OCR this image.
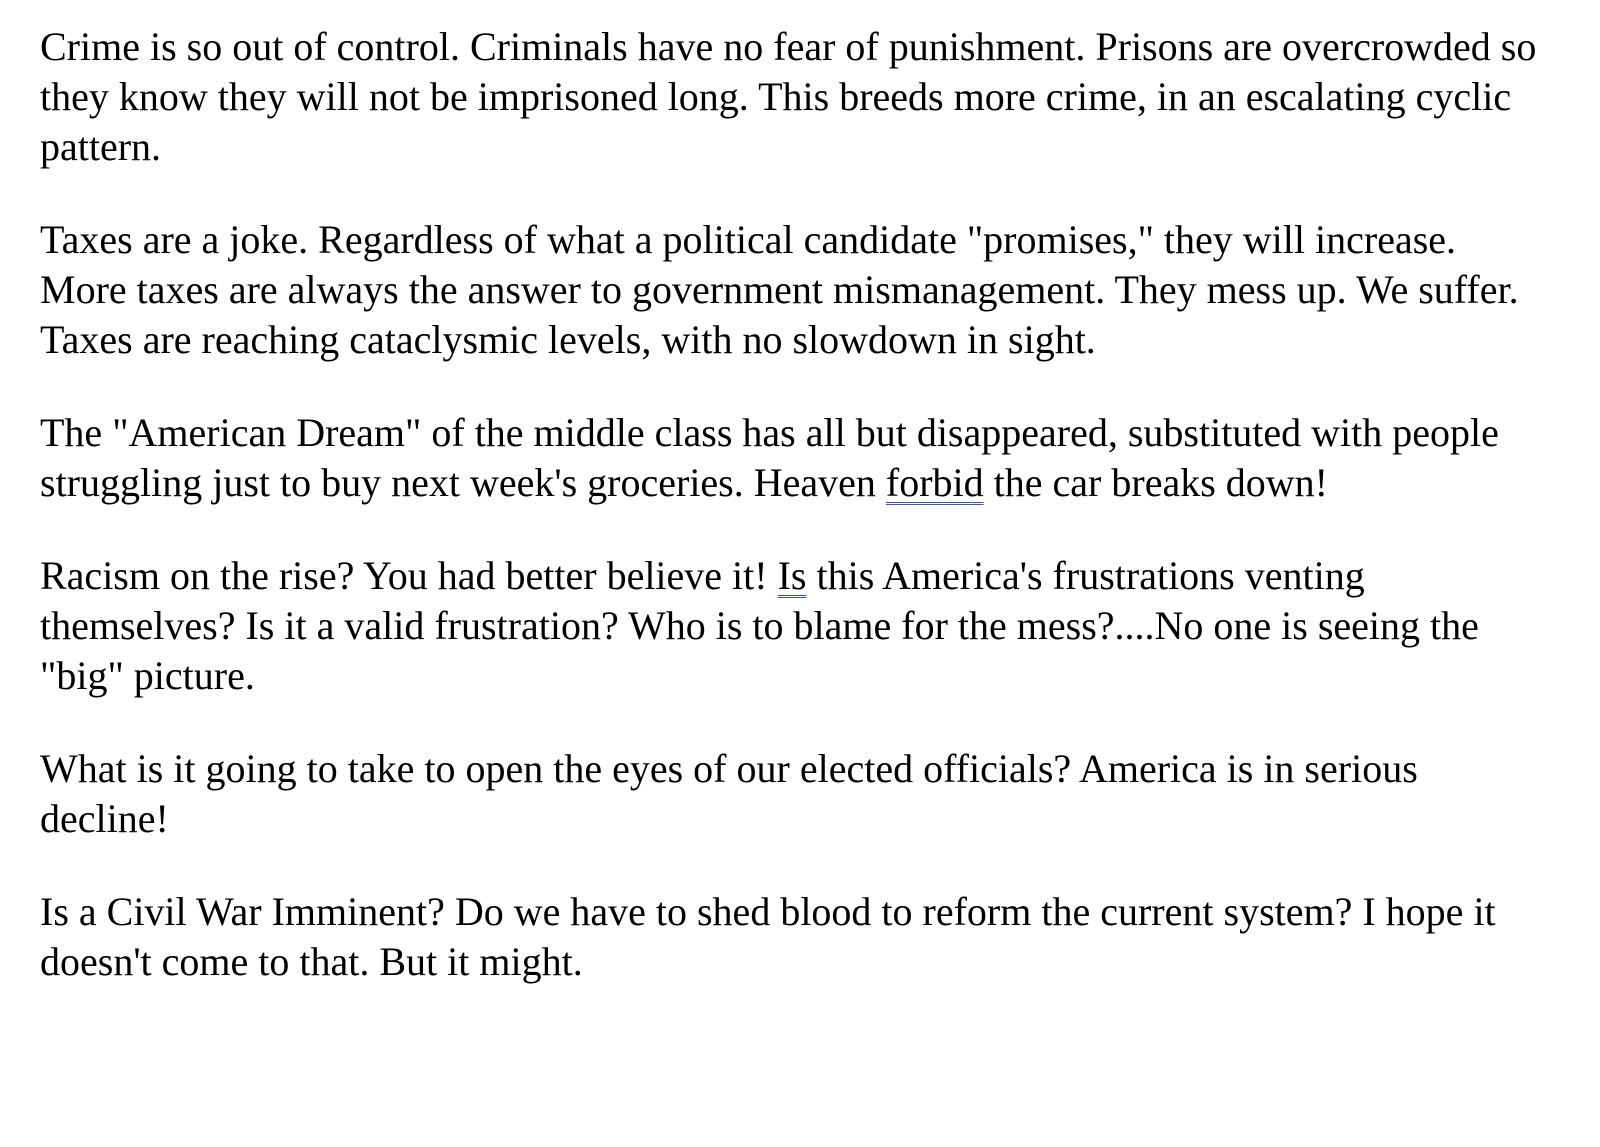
Crime is so out of control. Criminals have no fear of punishment. Prisons are overcrowded so they know they will not be imprisoned long. This breeds more crime, in an escalating cyclic pattern.

Taxes are a joke. Regardless of what a political candidate "promises," they will increase. More taxes are always the answer to government mismanagement. They mess up. We suffer. Taxes are reaching cataclysmic levels, with no slowdown in sight.

The "American Dream" of the middle class has all but disappeared, substituted with people struggling just to buy next week's groceries. Heaven forbid the car breaks down!

Racism on the rise? You had better believe it! Is this America's frustrations venting themselves? Is it a valid frustration? Who is to blame for the mess?....No one is seeing the "big" picture.

What is it going to take to open the eyes of our elected officials? America is in serious decline!

Is a Civil War Imminent? Do we have to shed blood to reform the current system? I hope it doesn't come to that. But it might.
